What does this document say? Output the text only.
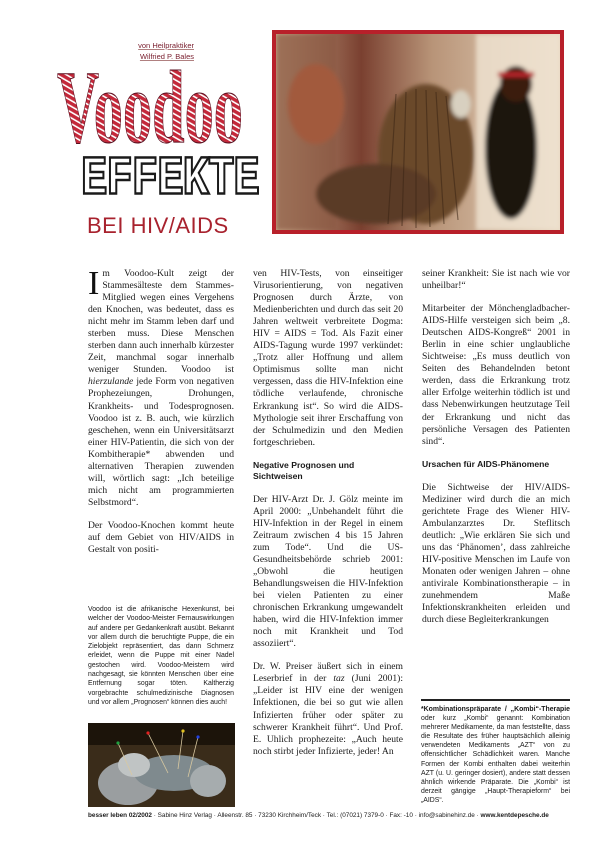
von Heilpraktiker
Wilfried P. Bales
Voodoo
EFFEKTE
BEI HIV/AIDS

Im Voodoo-Kult zeigt der Stammesälteste dem Stammes-Mitglied wegen eines Vergehens den Knochen, was bedeutet, dass es nicht mehr im Stamm leben darf und sterben muss. Diese Menschen sterben dann auch innerhalb kürzester Zeit, manchmal sogar innerhalb weniger Stunden. Voodoo ist hierzulande jede Form von negativen Prophezeiungen, Drohungen, Krankheits- und Todesprognosen. Voodoo ist z. B. auch, wie kürzlich geschehen, wenn ein Universitätsarzt einer HIV-Patientin, die sich von der Kombitherapie* abwenden und alternativen Therapien zuwenden will, wörtlich sagt: „Ich beteilige mich nicht am programmierten Selbstmord“.

Der Voodoo-Knochen kommt heute auf dem Gebiet von HIV/AIDS in Gestalt von positi-

Voodoo ist die afrikanische Hexenkunst, bei welcher der Voodoo-Meister Fernauswirkungen auf andere per Gedankenkraft ausübt. Bekannt vor allem durch die beruchtigte Puppe, die ein Zielobjekt repräsentiert, das dann Schmerz erleidet, wenn die Puppe mit einer Nadel gestochen wird. Voodoo-Meistern wird nachgesagt, sie könnten Menschen über eine Entfernung sogar töten. Kaltherzig vorgebrachte schulmedizinische Diagnosen und vor allem „Prognosen“ können dies auch!

ven HIV-Tests, von einseitiger Virusorientierung, von negativen Prognosen durch Ärzte, von Medienberichten und durch das seit 20 Jahren weltweit verbreitete Dogma: HIV = AIDS = Tod. Als Fazit einer AIDS-Tagung wurde 1997 verkündet: „Trotz aller Hoffnung und allem Optimismus sollte man nicht vergessen, dass die HIV-Infektion eine tödliche verlaufende, chronische Erkrankung ist“. So wird die AIDS-Mythologie seit ihrer Erschaffung von der Schulmedizin und den Medien fortgeschrieben.

Negative Prognosen und Sichtweisen

Der HIV-Arzt Dr. J. Gölz meinte im April 2000: „Unbehandelt führt die HIV-Infektion in der Regel in einem Zeitraum zwischen 4 bis 15 Jahren zum Tode“. Und die US-Gesundheitsbehörde schrieb 2001: „Obwohl die heutigen Behandlungsweisen die HIV-Infektion bei vielen Patienten zu einer chronischen Erkrankung umgewandelt haben, wird die HIV-Infektion immer noch mit Krankheit und Tod assoziiert“.

Dr. W. Preiser äußert sich in einem Leserbrief in der taz (Juni 2001): „Leider ist HIV eine der wenigen Infektionen, die bei so gut wie allen Infizierten früher oder später zu schwerer Krankheit führt“. Und Prof. E. Uhlich prophezeite: „Auch heute noch stirbt jeder Infizierte, jeder! An

seiner Krankheit: Sie ist nach wie vor unheilbar!“

Mitarbeiter der Mönchengladbacher-AIDS-Hilfe versteigen sich beim „8. Deutschen AIDS-Kongreß“ 2001 in Berlin in eine schier unglaubliche Sichtweise: „Es muss deutlich von Seiten des Behandelnden betont werden, dass die Erkrankung trotz aller Erfolge weiterhin tödlich ist und dass Nebenwirkungen heutzutage Teil der Erkrankung und nicht das persönliche Versagen des Patienten sind“.

Ursachen für AIDS-Phänomene

Die Sichtweise der HIV/AIDS-Mediziner wird durch die an mich gerichtete Frage des Wiener HIV-Ambulanzarztes Dr. Steflitsch deutlich: „Wie erklären Sie sich und uns das ‘Phänomen’, dass zahlreiche HIV-positive Menschen im Laufe von Monaten oder wenigen Jahren – ohne antivirale Kombinationstherapie – in zunehmendem Maße Infektionskrankheiten erleiden und durch diese Begleiterkrankungen

*Kombinationspräparate / „Kombi“-Therapie oder kurz „Kombi“ genannt: Kombination mehrerer Medikamente, da man feststellte, dass die Resultate des früher hauptsächlich alleinig verwendeten Medikaments „AZT“ von zu offensichtlicher Schädlichkeit waren. Manche Formen der Kombi enthalten dabei weiterhin AZT (u. U. geringer dosiert), andere statt dessen ähnlich wirkende Präparate. Die „Kombi“ ist derzeit gängige „Haupt-Therapieform“ bei „AIDS“.
besser leben 02/2002 · Sabine Hinz Verlag · Alleenstr. 85 · 73230 Kirchheim/Teck · Tel.: (07021) 7379-0 · Fax: -10 · info@sabinehinz.de · www.kentdepesche.de
